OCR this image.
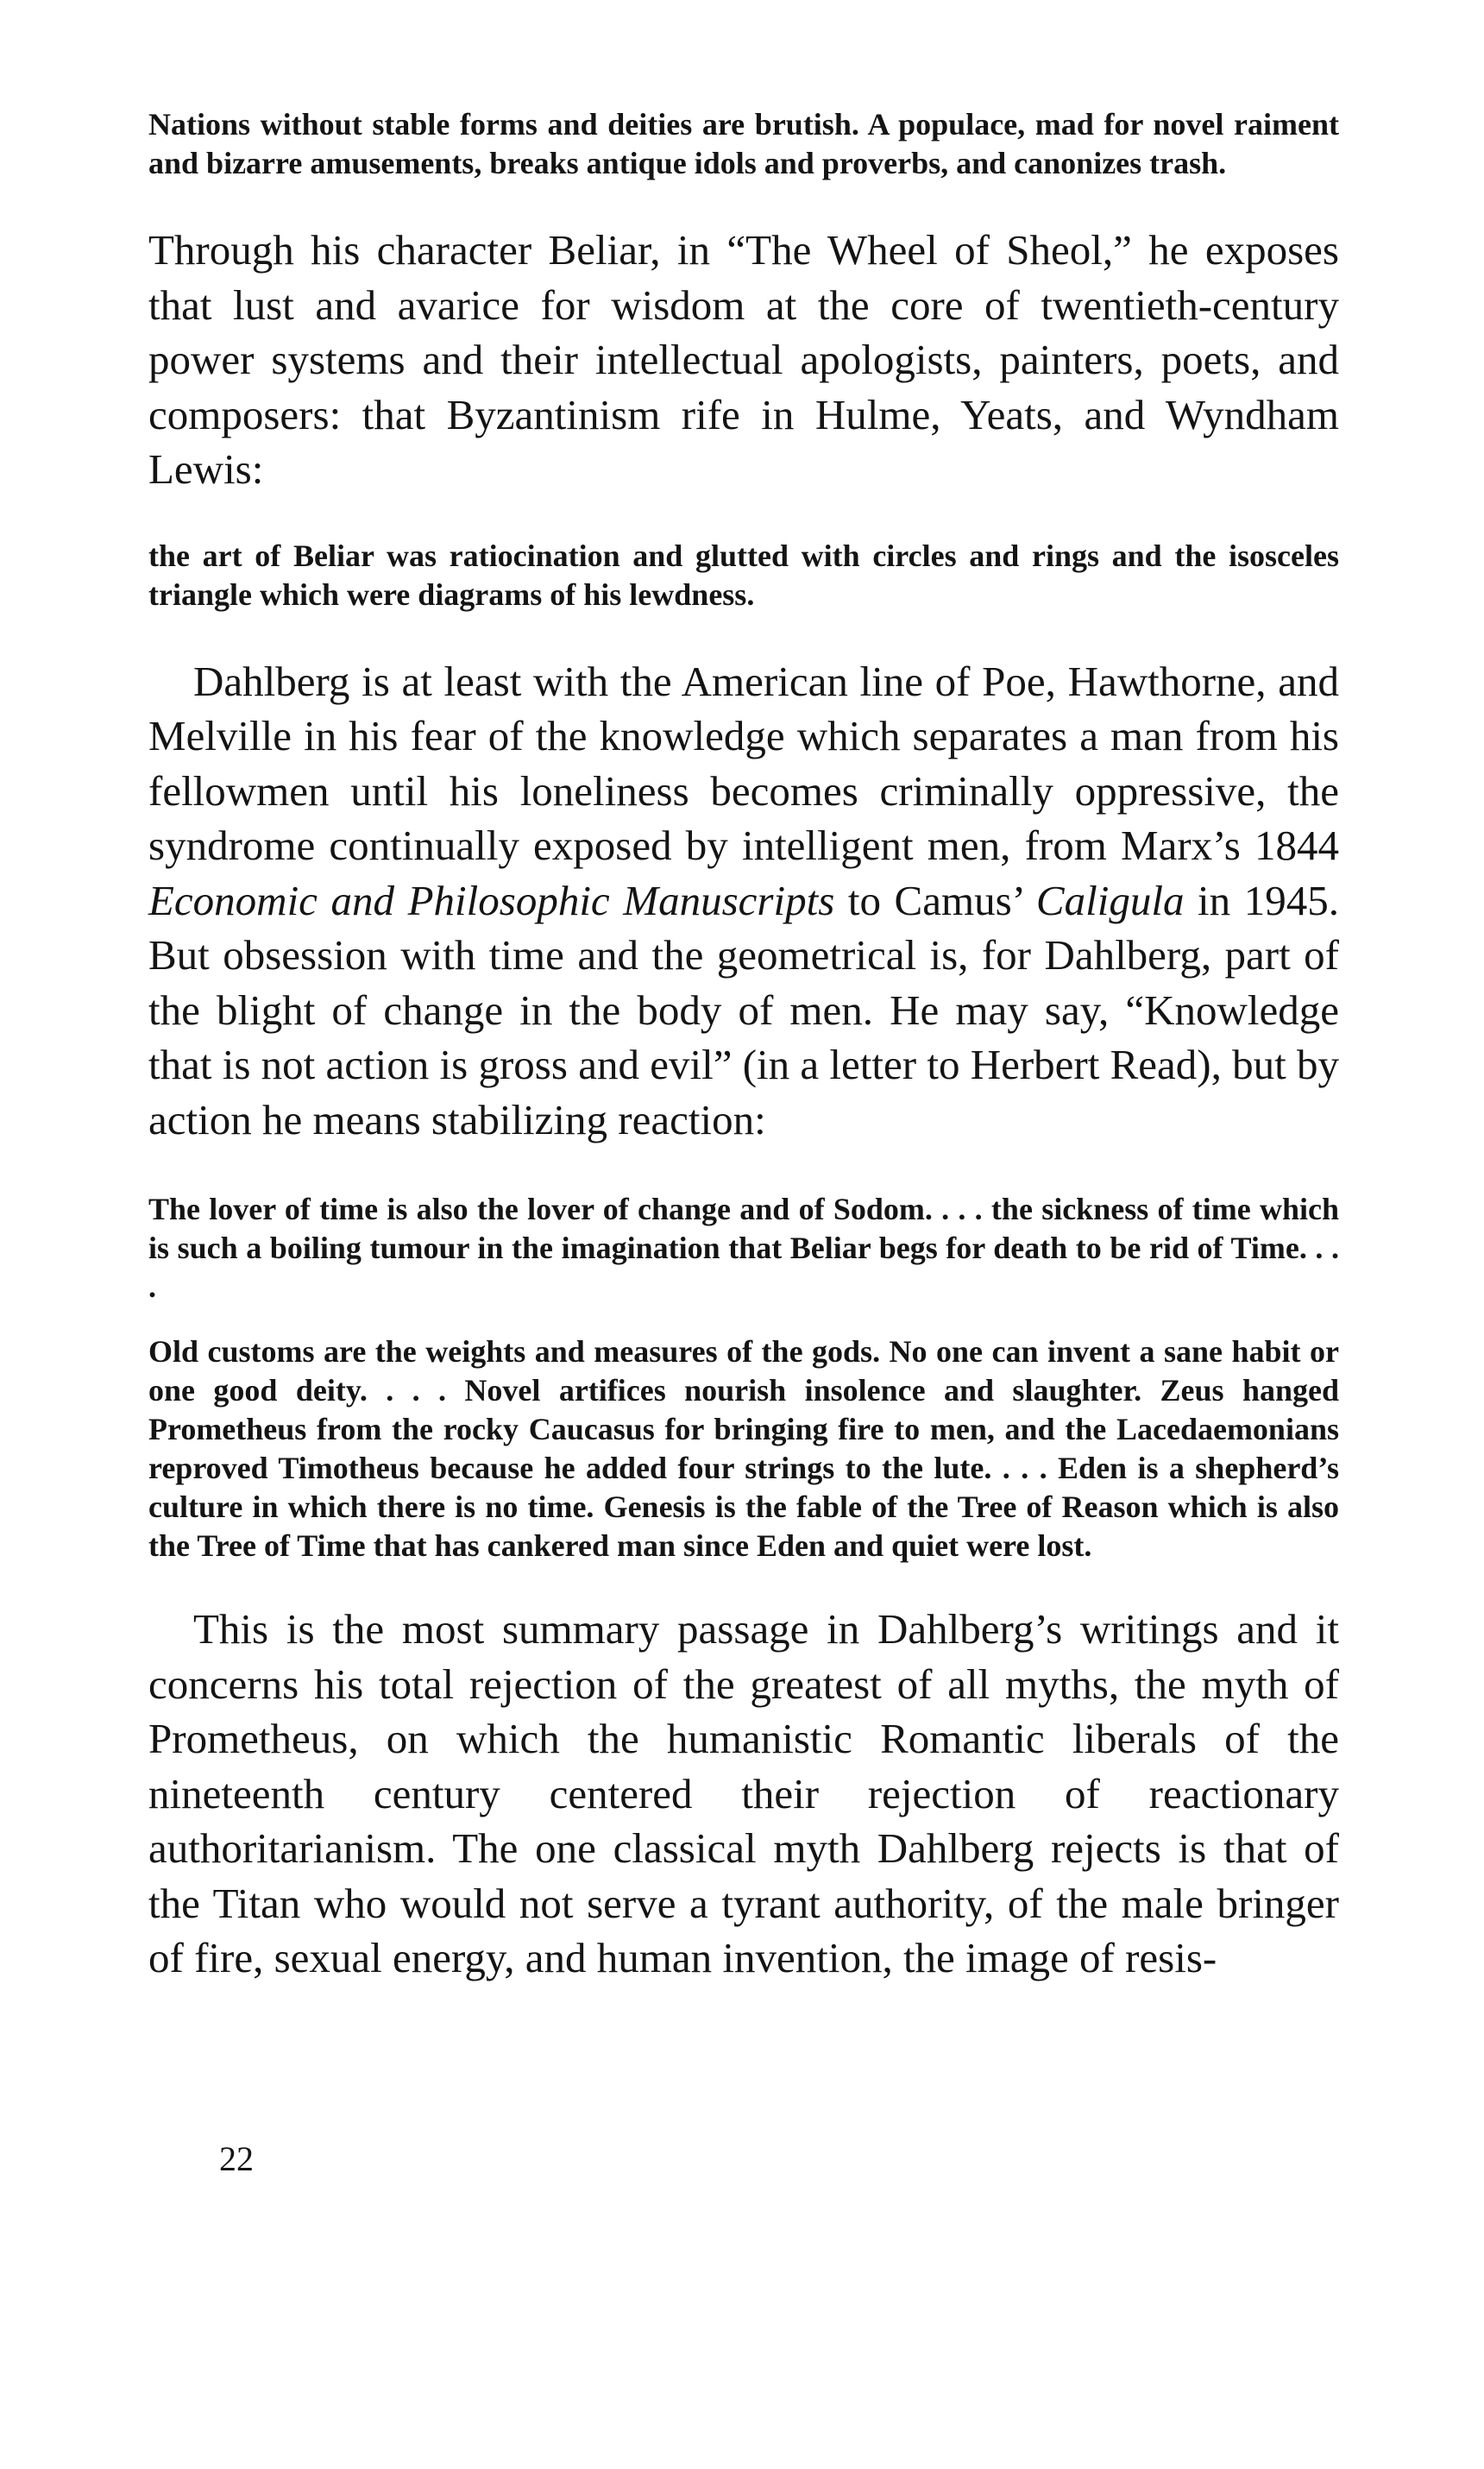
Nations without stable forms and deities are brutish. A populace, mad for novel raiment and bizarre amusements, breaks antique idols and proverbs, and canonizes trash.

Through his character Beliar, in “The Wheel of Sheol,” he exposes that lust and avarice for wisdom at the core of twentieth-century power systems and their intellectual apologists, painters, poets, and composers: that Byzantinism rife in Hulme, Yeats, and Wyndham Lewis:

the art of Beliar was ratiocination and glutted with circles and rings and the isosceles triangle which were diagrams of his lewdness.

Dahlberg is at least with the American line of Poe, Hawthorne, and Melville in his fear of the knowledge which separates a man from his fellowmen until his loneliness becomes criminally oppressive, the syndrome continually exposed by intelligent men, from Marx’s 1844 Economic and Philosophic Manuscripts to Camus’ Caligula in 1945. But obsession with time and the geometrical is, for Dahlberg, part of the blight of change in the body of men. He may say, “Knowledge that is not action is gross and evil” (in a letter to Herbert Read), but by action he means stabilizing reaction:

The lover of time is also the lover of change and of Sodom. . . . the sickness of time which is such a boiling tumour in the imagination that Beliar begs for death to be rid of Time. . . .

Old customs are the weights and measures of the gods. No one can invent a sane habit or one good deity. . . . Novel artifices nourish insolence and slaughter. Zeus hanged Prometheus from the rocky Caucasus for bringing fire to men, and the Lacedaemonians reproved Timotheus because he added four strings to the lute. . . . Eden is a shepherd’s culture in which there is no time. Genesis is the fable of the Tree of Reason which is also the Tree of Time that has cankered man since Eden and quiet were lost.

This is the most summary passage in Dahlberg’s writings and it concerns his total rejection of the greatest of all myths, the myth of Prometheus, on which the humanistic Romantic liberals of the nineteenth century centered their rejection of reactionary authoritarianism. The one classical myth Dahlberg rejects is that of the Titan who would not serve a tyrant authority, of the male bringer of fire, sexual energy, and human invention, the image of resis-

22
